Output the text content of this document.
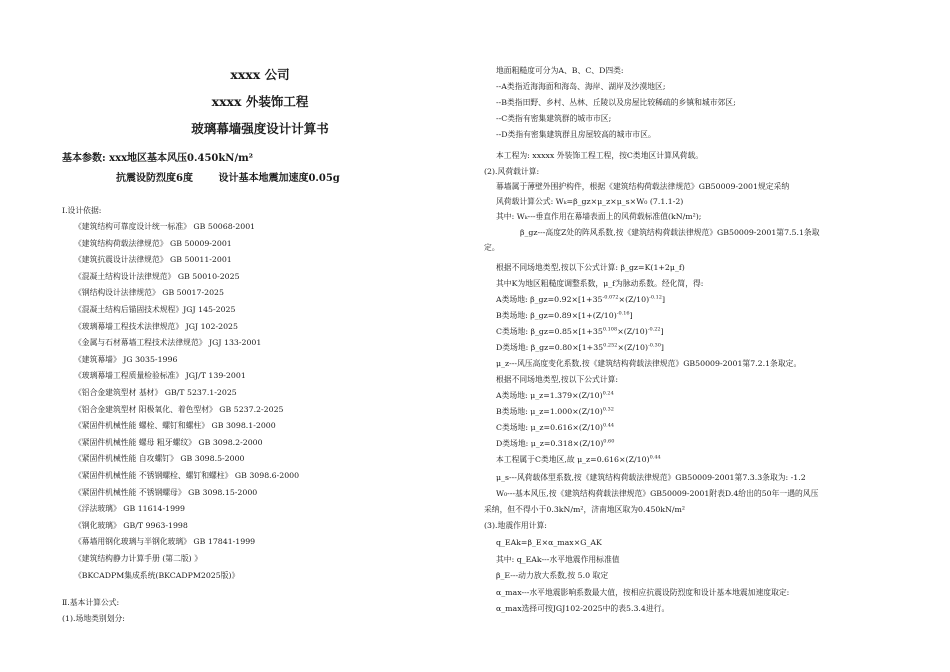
xxxx 公司
xxxx 外装饰工程
玻璃幕墙强度设计计算书
基本参数: xxx地区基本风压0.450kN/m²
抗震设防烈度6度	设计基本地震加速度0.05g
Ⅰ.设计依据:
《建筑结构可靠度设计统一标准》 GB 50068-2001
《建筑结构荷载法律规范》 GB 50009-2001
《建筑抗震设计法律规范》 GB 50011-2001
《混凝土结构设计法律规范》 GB 50010-2025
《钢结构设计法律规范》 GB 50017-2025
《混凝土结构后锚固技术规程》JGJ 145-2025
《玻璃幕墙工程技术法律规范》 JGJ 102-2025
《金属与石材幕墙工程技术法律规范》 JGJ 133-2001
《建筑幕墙》 JG 3035-1996
《玻璃幕墙工程质量检验标准》 JGJ/T 139-2001
《铝合金建筑型材 基材》 GB/T 5237.1-2025
《铝合金建筑型材 阳极氧化、着色型材》 GB 5237.2-2025
《紧固件机械性能 螺栓、螺钉和螺柱》 GB 3098.1-2000
《紧固件机械性能 螺母 粗牙螺纹》 GB 3098.2-2000
《紧固件机械性能 自攻螺钉》 GB 3098.5-2000
《紧固件机械性能 不锈钢螺栓、螺钉和螺柱》 GB 3098.6-2000
《紧固件机械性能 不锈钢螺母》 GB 3098.15-2000
《浮法玻璃》 GB 11614-1999
《钢化玻璃》 GB/T 9963-1998
《幕墙用钢化玻璃与半钢化玻璃》 GB 17841-1999
《建筑结构静力计算手册 (第二版) 》
《BKCADPM集成系统(BKCADPM2025版)》
Ⅱ.基本计算公式:
(1).场地类别划分:
地面粗糙度可分为A、B、C、D四类:
--A类指近海海面和海岛、海岸、湖岸及沙漠地区;
--B类指田野、乡村、丛林、丘陵以及房屋比较稀疏的乡镇和城市郊区;
--C类指有密集建筑群的城市市区;
--D类指有密集建筑群且房屋较高的城市市区。
本工程为: xxxxx 外装饰工程工程，按C类地区计算风荷载。
(2).风荷载计算:
幕墙属于薄壁外围护构件，根据《建筑结构荷载法律规范》GB50009-2001规定采纳
风荷载计算公式: Wₖ=β_gz×μ_z×μ_s×W₀ (7.1.1-2)
其中: Wₖ---垂直作用在幕墙表面上的风荷载标准值(kN/m²);
β_gz---高度Z处的阵风系数,按《建筑结构荷载法律规范》GB50009-2001第7.5.1条取
定。
根据不同场地类型,按以下公式计算: β_gz=K(1+2μ_f)
其中K为地区粗糙度调整系数，μ_f为脉动系数。经化简，得:
A类场地: $\beta\_gz=0.92\times[1+35^{-0.072}\times(Z/10)^{-0.12}]$
B类场地: $\beta\_gz=0.89\times[1+(Z/10)^{-0.16}]$
C类场地: $\beta\_gz=0.85\times[1+35^{0.108}\times(Z/10)^{-0.22}]$
D类场地: $\beta\_gz=0.80\times[1+35^{0.252}\times(Z/10)^{-0.30}]$
μ_z---风压高度变化系数,按《建筑结构荷载法律规范》GB50009-2001第7.2.1条取定。
根据不同场地类型,按以下公式计算:
A类场地: $\mu\_z=1.379\times(Z/10)^{0.24}$
B类场地: $\mu\_z=1.000\times(Z/10)^{0.32}$
C类场地: $\mu\_z=0.616\times(Z/10)^{0.44}$
D类场地: $\mu\_z=0.318\times(Z/10)^{0.60}$
本工程属于C类地区,故 $\mu\_z=0.616\times(Z/10)^{0.44}$
μ_s---风荷载体型系数,按《建筑结构荷载法律规范》GB50009-2001第7.3.3条取为: -1.2
W₀---基本风压,按《建筑结构荷载法律规范》GB50009-2001附表D.4给出的50年一遇的风压
采纳，但不得小于0.3kN/m²，济南地区取为0.450kN/m²
(3).地震作用计算:
q_EAk=β_E×α_max×G_AK
其中: q_EAk---水平地震作用标准值
β_E---动力放大系数,按 5.0 取定
α_max---水平地震影响系数最大值，按相应抗震设防烈度和设计基本地震加速度取定:
α_max选择可按JGJ102-2025中的表5.3.4进行。
